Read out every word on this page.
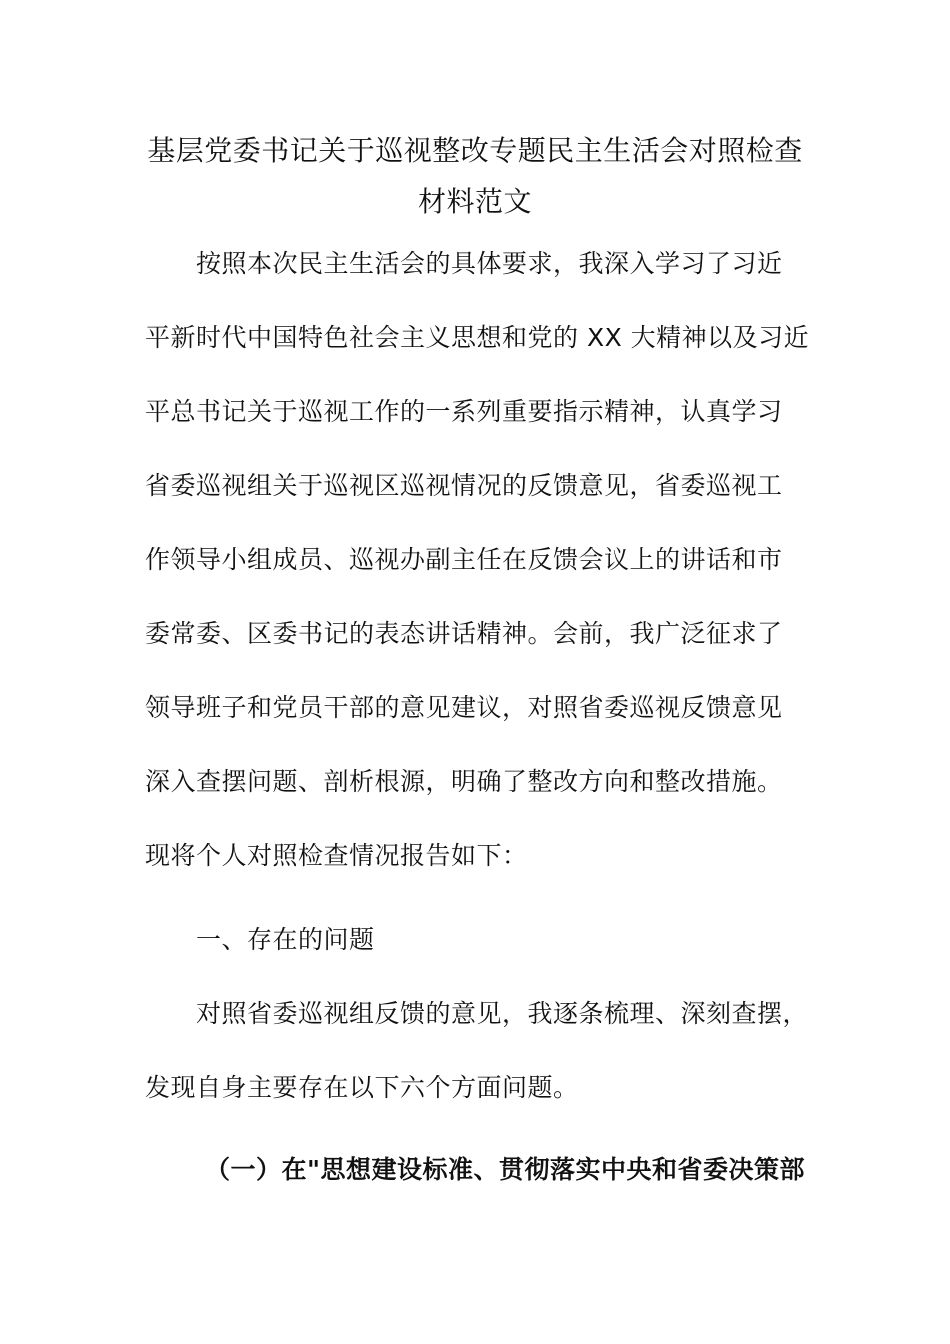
基层党委书记关于巡视整改专题民主生活会对照检查
材料范文
按照本次民主生活会的具体要求，我深入学习了习近
平新时代中国特色社会主义思想和党的 XX 大精神以及习近
平总书记关于巡视工作的一系列重要指示精神，认真学习
省委巡视组关于巡视区巡视情况的反馈意见，省委巡视工
作领导小组成员、巡视办副主任在反馈会议上的讲话和市
委常委、区委书记的表态讲话精神。会前，我广泛征求了
领导班子和党员干部的意见建议，对照省委巡视反馈意见
深入查摆问题、剖析根源，明确了整改方向和整改措施。
现将个人对照检查情况报告如下：
一、存在的问题
对照省委巡视组反馈的意见，我逐条梳理、深刻查摆，
发现自身主要存在以下六个方面问题。
（一）在"思想建设标准、贯彻落实中央和省委决策部
